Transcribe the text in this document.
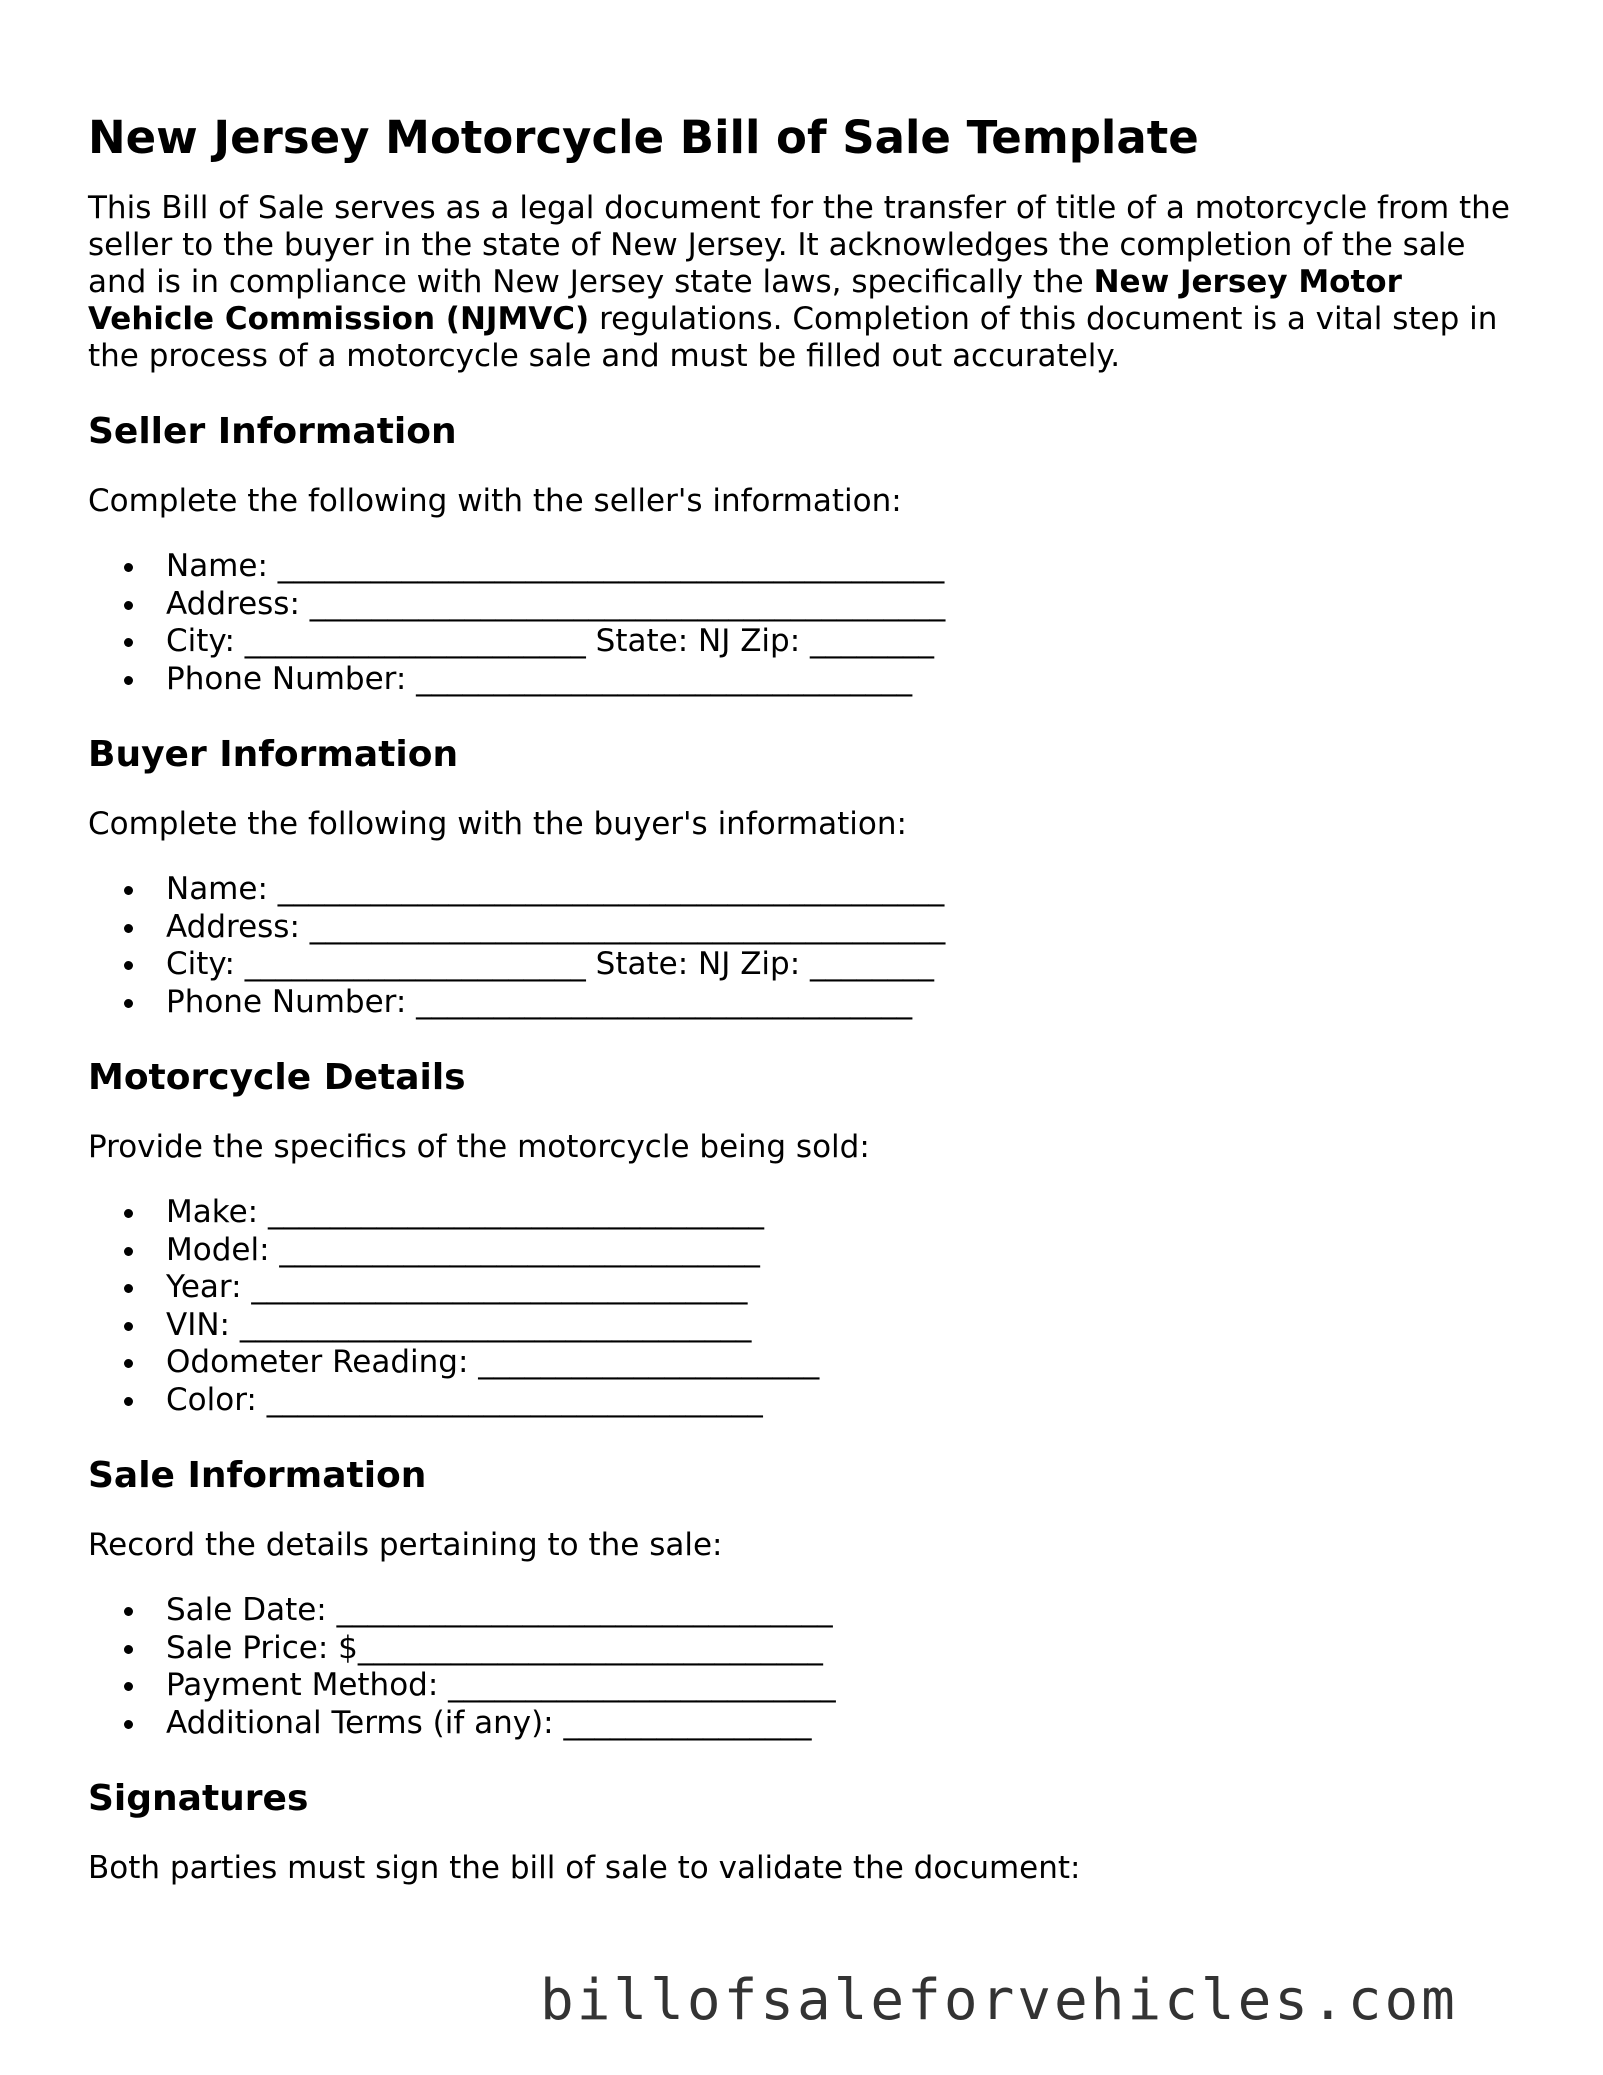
New Jersey Motorcycle Bill of Sale Template

This Bill of Sale serves as a legal document for the transfer of title of a motorcycle from the seller to the buyer in the state of New Jersey. It acknowledges the completion of the sale and is in compliance with New Jersey state laws, specifically the New Jersey Motor Vehicle Commission (NJMVC) regulations. Completion of this document is a vital step in the process of a motorcycle sale and must be filled out accurately.

Seller Information

Complete the following with the seller's information:

Name: ___________________________________________
Address: _________________________________________
City: ______________________ State: NJ Zip: ________
Phone Number: ________________________________
Buyer Information

Complete the following with the buyer's information:

Name: ___________________________________________
Address: _________________________________________
City: ______________________ State: NJ Zip: ________
Phone Number: ________________________________
Motorcycle Details

Provide the specifics of the motorcycle being sold:

Make: ________________________________
Model: _______________________________
Year: ________________________________
VIN: _________________________________
Odometer Reading: ______________________
Color: ________________________________
Sale Information

Record the details pertaining to the sale:

Sale Date: ________________________________
Sale Price: $______________________________
Payment Method: _________________________
Additional Terms (if any): ________________
Signatures

Both parties must sign the bill of sale to validate the document:

billofsaleforvehicles.com
